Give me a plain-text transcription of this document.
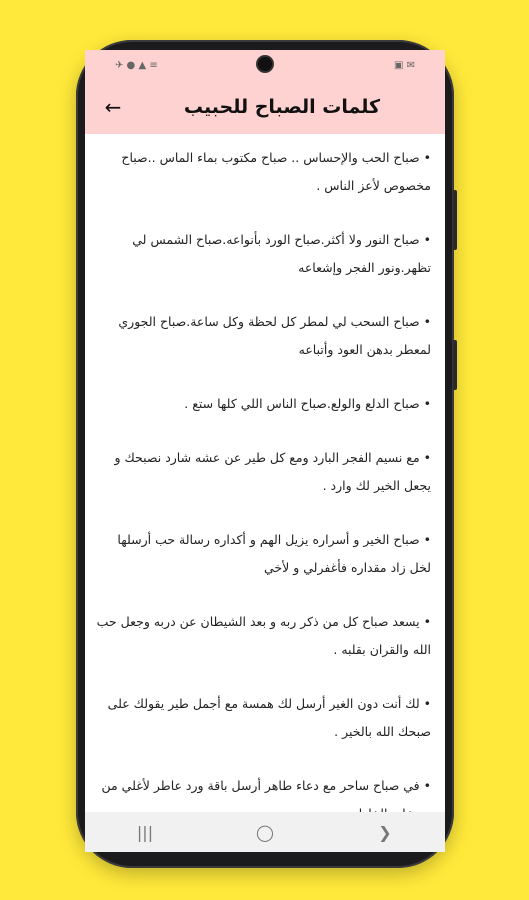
✈ ● ▲ ≡	▣ ✉
←	كلمات الصباح للحبيب

• صباح الحب والإحساس .. صباح مكتوب بماء الماس ..صباح مخصوص لأعز الناس .

• صباح النور ولا أكثر.صباح الورد بأنواعه.صباح الشمس لي تظهر.ونور الفجر وإشعاعه

• صباح السحب لي لمطر كل لحظة وكل ساعة.صباح الجوري لمعطر بدهن العود وأتباعه

• صباح الدلع والولع.صباح الناس اللي كلها ستع .

• مع نسيم الفجر البارد ومع كل طير عن عشه شارد نصبحك و يجعل الخير لك وارد .

• صباح الخير و أسراره يزيل الهم و أكداره رسالة حب أرسلها لخل زاد مقداره فأغفرلي و لأخي

• يسعد صباح كل من ذكر ربه و بعد الشيطان عن دربه وجعل حب الله والقران بقلبه .

• لك أنت دون الغير أرسل لك همسة مع أجمل طير يقولك على صبحك الله بالخير .

• في صباح ساحر مع دعاء طاهر أرسل باقة ورد عاطر لأغلي من

|||	◯	❯
